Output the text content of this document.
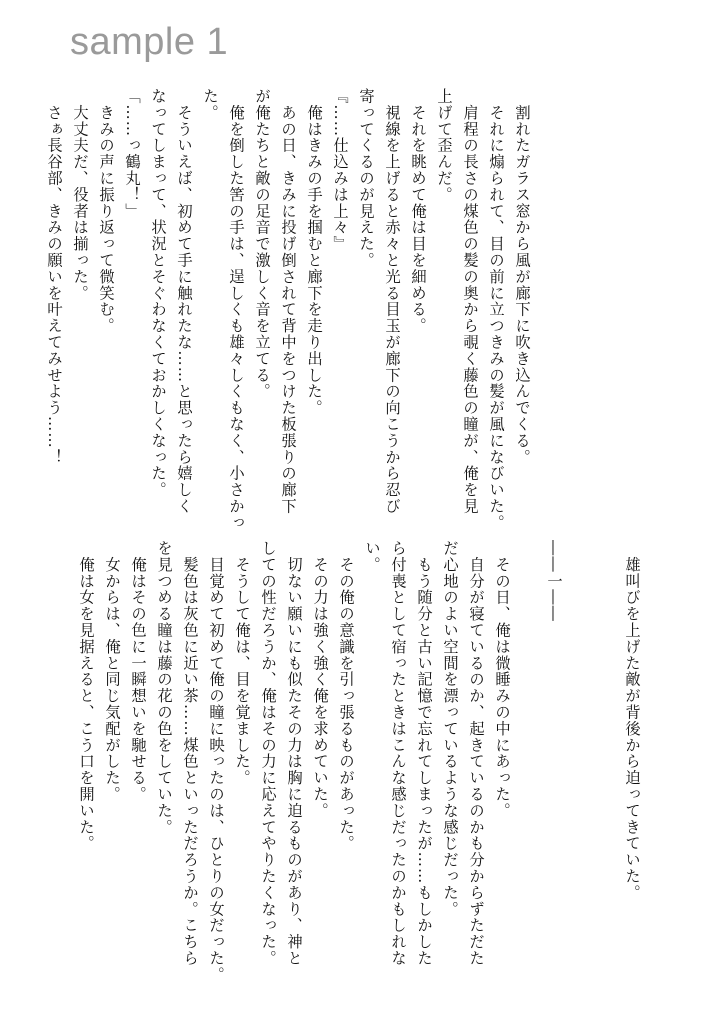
sample 1
　割れたガラス窓から風が廊下に吹き込んでくる。
　それに煽られて、目の前に立つきみの髪が風になびいた。
　肩程の長さの煤色の髪の奥から覗く藤色の瞳が、俺を見
上げて歪んだ。
　それを眺めて俺は目を細める。
　視線を上げると赤々と光る目玉が廊下の向こうから忍び
寄ってくるのが見えた。
『……仕込みは上々』
　俺はきみの手を掴むと廊下を走り出した。
　あの日、きみに投げ倒されて背中をつけた板張りの廊下
が俺たちと敵の足音で激しく音を立てる。
　俺を倒した筈の手は、逞しくも雄々しくもなく、小さかっ
た。
　そういえば、初めて手に触れたな……と思ったら嬉しく
なってしまって、状況とそぐわなくておかしくなった。
「……っ鶴丸！」
　きみの声に振り返って微笑む。
　大丈夫だ、役者は揃った。
　さぁ長谷部、きみの願いを叶えてみせよう……！
　雄叫びを上げた敵が背後から迫ってきていた。

――一――

　その日、俺は微睡みの中にあった。
　自分が寝ているのか、起きているのかも分からずただた
だ心地のよい空間を漂っているような感じだった。
　もう随分と古い記憶で忘れてしまったが……もしかした
ら付喪として宿ったときはこんな感じだったのかもしれな
い。
　その俺の意識を引っ張るものがあった。
　その力は強く強く俺を求めていた。
　切ない願いにも似たその力は胸に迫るものがあり、神と
しての性だろうか、俺はその力に応えてやりたくなった。
　そうして俺は、目を覚ました。
　目覚めて初めて俺の瞳に映ったのは、ひとりの女だった。
　髪色は灰色に近い茶……煤色といっただろうか。こちら
を見つめる瞳は藤の花の色をしていた。
　俺はその色に一瞬想いを馳せる。
　女からは、俺と同じ気配がした。
　俺は女を見据えると、こう口を開いた。
